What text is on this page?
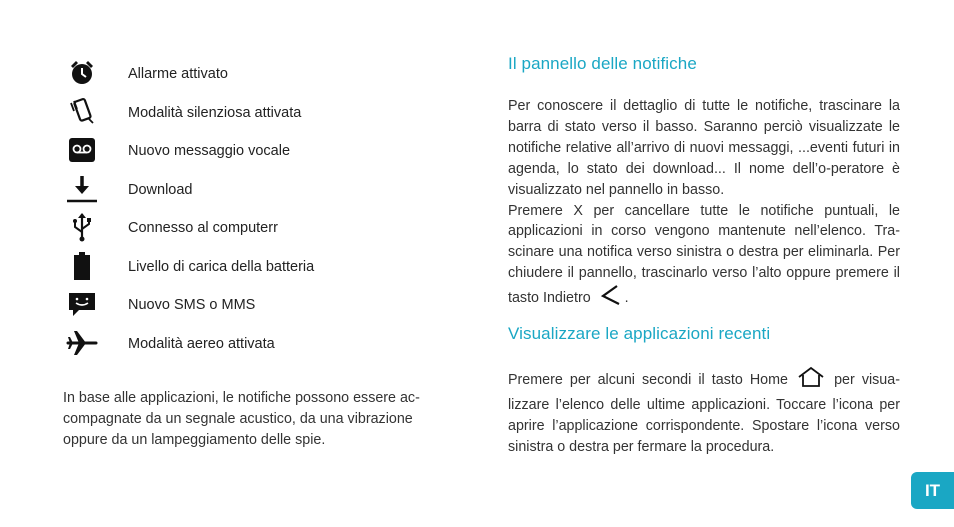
Allarme attivato
Modalità silenziosa attivata
Nuovo messaggio vocale
Download
Connesso al computerr
Livello di carica della batteria
Nuovo SMS o MMS
Modalità aereo attivata

In base alle applicazioni, le notifiche possono essere ac-compagnate da un segnale acustico, da una vibrazione oppure da un lampeggiamento delle spie.

Il pannello delle notifiche

Per conoscere il dettaglio di tutte le notifiche, trascinare la barra di stato verso il basso. Saranno perciò visualizzate le notifiche relative all’arrivo di nuovi messaggi, ...eventi futuri in agenda, lo stato dei download... Il nome dell’o-peratore è visualizzato nel pannello in basso.

Premere X per cancellare tutte le notifiche puntuali, le applicazioni in corso vengono mantenute nell’elenco. Tra-scinare una notifica verso sinistra o destra per eliminarla. Per chiudere il pannello, trascinarlo verso l’alto oppure premere il tasto Indietro .

Visualizzare le applicazioni recenti

Premere per alcuni secondi il tasto Home	per visua-lizzare l’elenco delle ultime applicazioni. Toccare l’icona per aprire l’applicazione corrispondente. Spostare l’icona verso sinistra o destra per fermare la procedura.

IT
